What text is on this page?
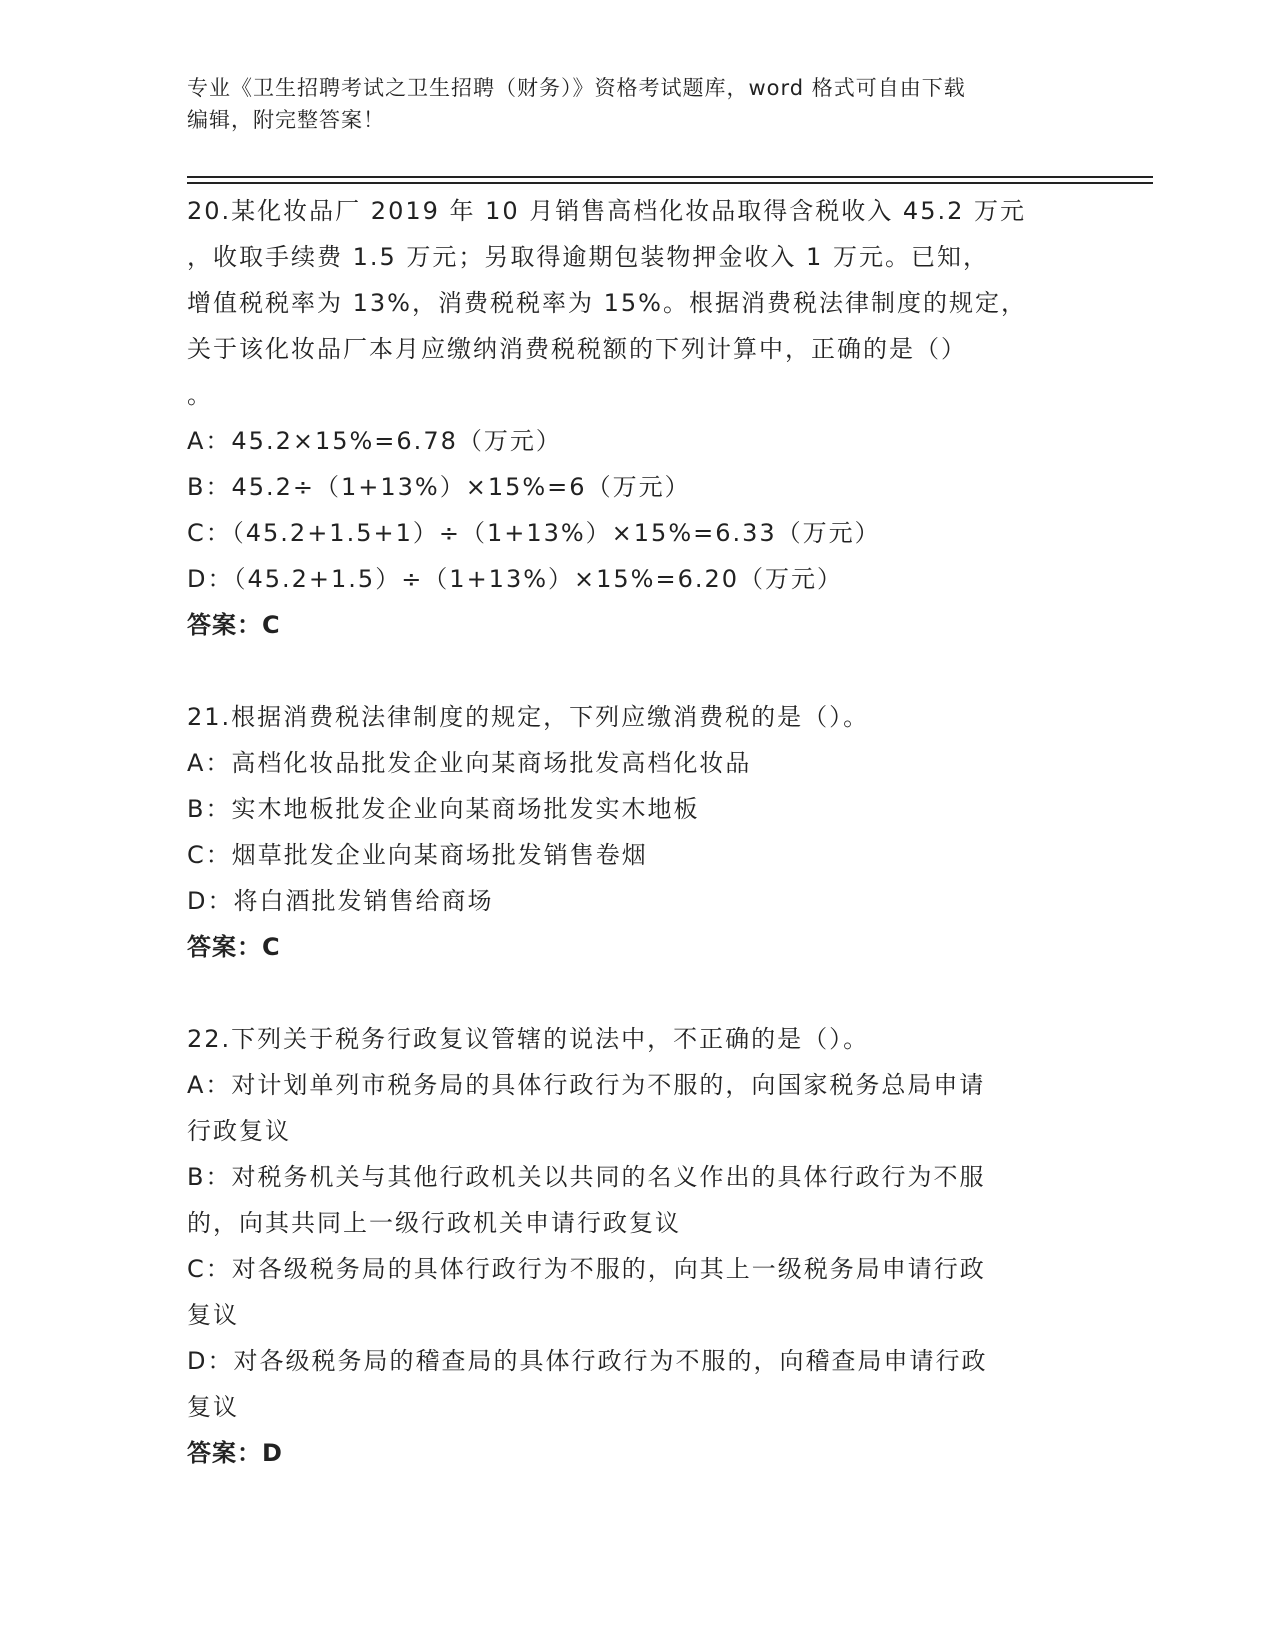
专业《卫生招聘考试之卫生招聘（财务）》资格考试题库，word 格式可自由下载
编辑，附完整答案！
20.某化妆品厂 2019 年 10 月销售高档化妆品取得含税收入 45.2 万元
，收取手续费 1.5 万元；另取得逾期包装物押金收入 1 万元。已知，
增值税税率为 13%，消费税税率为 15%。根据消费税法律制度的规定，
关于该化妆品厂本月应缴纳消费税税额的下列计算中，正确的是（）
。
A：45.2×15%=6.78（万元）
B：45.2÷（1+13%）×15%=6（万元）
C：（45.2+1.5+1）÷（1+13%）×15%=6.33（万元）
D：（45.2+1.5）÷（1+13%）×15%=6.20（万元）
答案：C
21.根据消费税法律制度的规定，下列应缴消费税的是（）。
A：高档化妆品批发企业向某商场批发高档化妆品
B：实木地板批发企业向某商场批发实木地板
C：烟草批发企业向某商场批发销售卷烟
D：将白酒批发销售给商场
答案：C
22.下列关于税务行政复议管辖的说法中，不正确的是（）。
A：对计划单列市税务局的具体行政行为不服的，向国家税务总局申请
行政复议
B：对税务机关与其他行政机关以共同的名义作出的具体行政行为不服
的，向其共同上一级行政机关申请行政复议
C：对各级税务局的具体行政行为不服的，向其上一级税务局申请行政
复议
D：对各级税务局的稽查局的具体行政行为不服的，向稽查局申请行政
复议
答案：D
